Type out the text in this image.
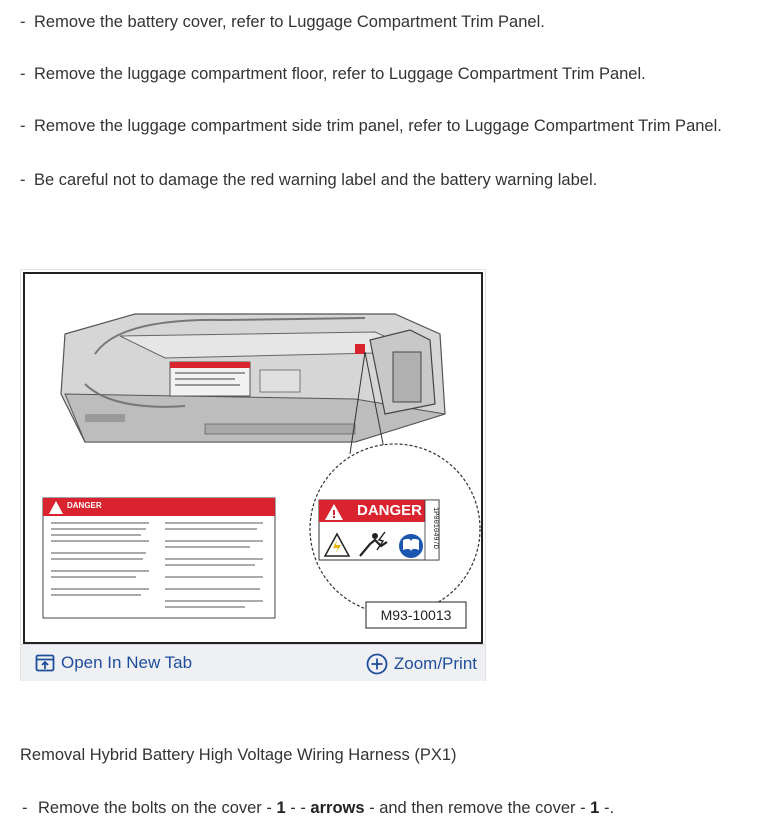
- Remove the battery cover, refer to Luggage Compartment Trim Panel.
- Remove the luggage compartment floor, refer to Luggage Compartment Trim Panel.
- Remove the luggage compartment side trim panel, refer to Luggage Compartment Trim Panel.
- Be careful not to damage the red warning label and the battery warning label.
DANGER	DANGER 1P0010497D
M93-10013
Open In New Tab	Zoom/Print
Removal Hybrid Battery High Voltage Wiring Harness (PX1)
- Remove the bolts on the cover - 1 - - arrows - and then remove the cover - 1 -.
